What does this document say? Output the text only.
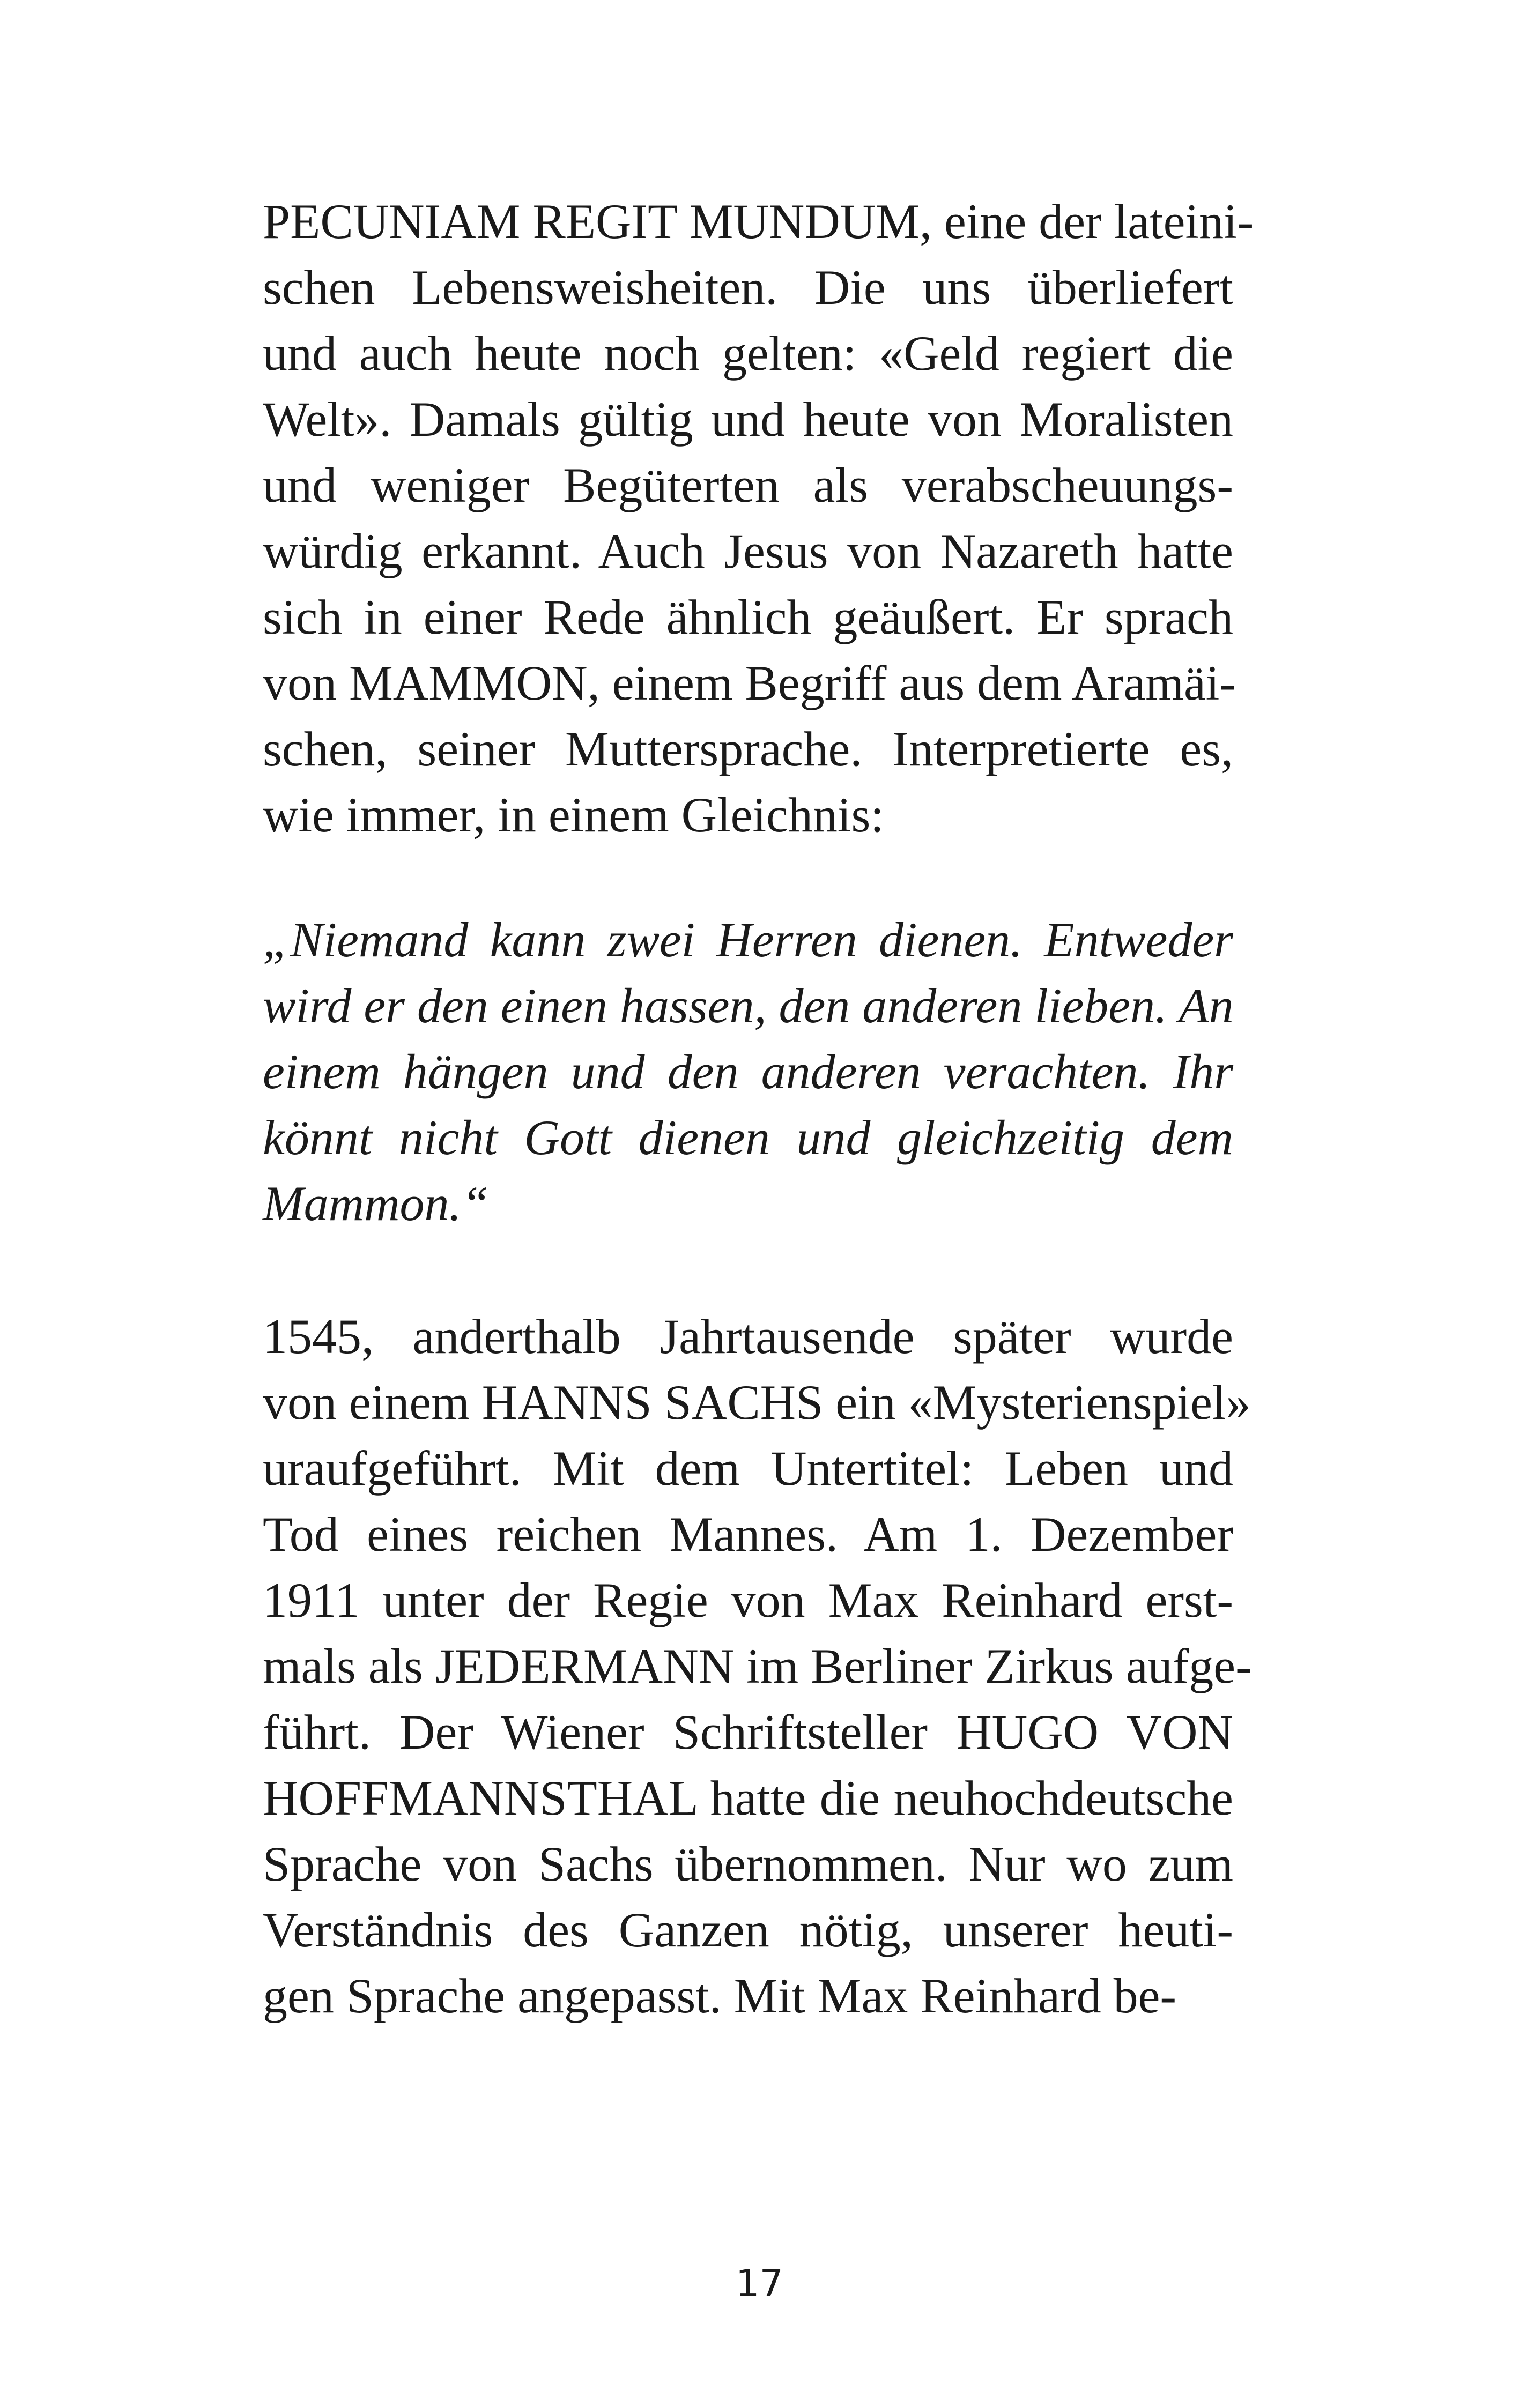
PECUNIAM REGIT MUNDUM, eine der lateini-
schen Lebensweisheiten. Die uns überliefert
und auch heute noch gelten: «Geld regiert die
Welt». Damals gültig und heute von Moralisten
und weniger Begüterten als verabscheuungs-
würdig erkannt. Auch Jesus von Nazareth hatte
sich in einer Rede ähnlich geäußert. Er sprach
von MAMMON, einem Begriff aus dem Aramäi-
schen, seiner Muttersprache. Interpretierte es,
wie immer, in einem Gleichnis:
„Niemand kann zwei Herren dienen. Entweder
wird er den einen hassen, den anderen lieben. An
einem hängen und den anderen verachten. Ihr
könnt nicht Gott dienen und gleichzeitig dem
Mammon.“
1545, anderthalb Jahrtausende später wurde
von einem HANNS SACHS ein «Mysterienspiel»
uraufgeführt. Mit dem Untertitel: Leben und
Tod eines reichen Mannes. Am 1. Dezember
1911 unter der Regie von Max Reinhard erst-
mals als JEDERMANN im Berliner Zirkus aufge-
führt. Der Wiener Schriftsteller HUGO VON
HOFFMANNSTHAL hatte die neuhochdeutsche
Sprache von Sachs übernommen. Nur wo zum
Verständnis des Ganzen nötig, unserer heuti-
gen Sprache angepasst. Mit Max Reinhard be-
17
